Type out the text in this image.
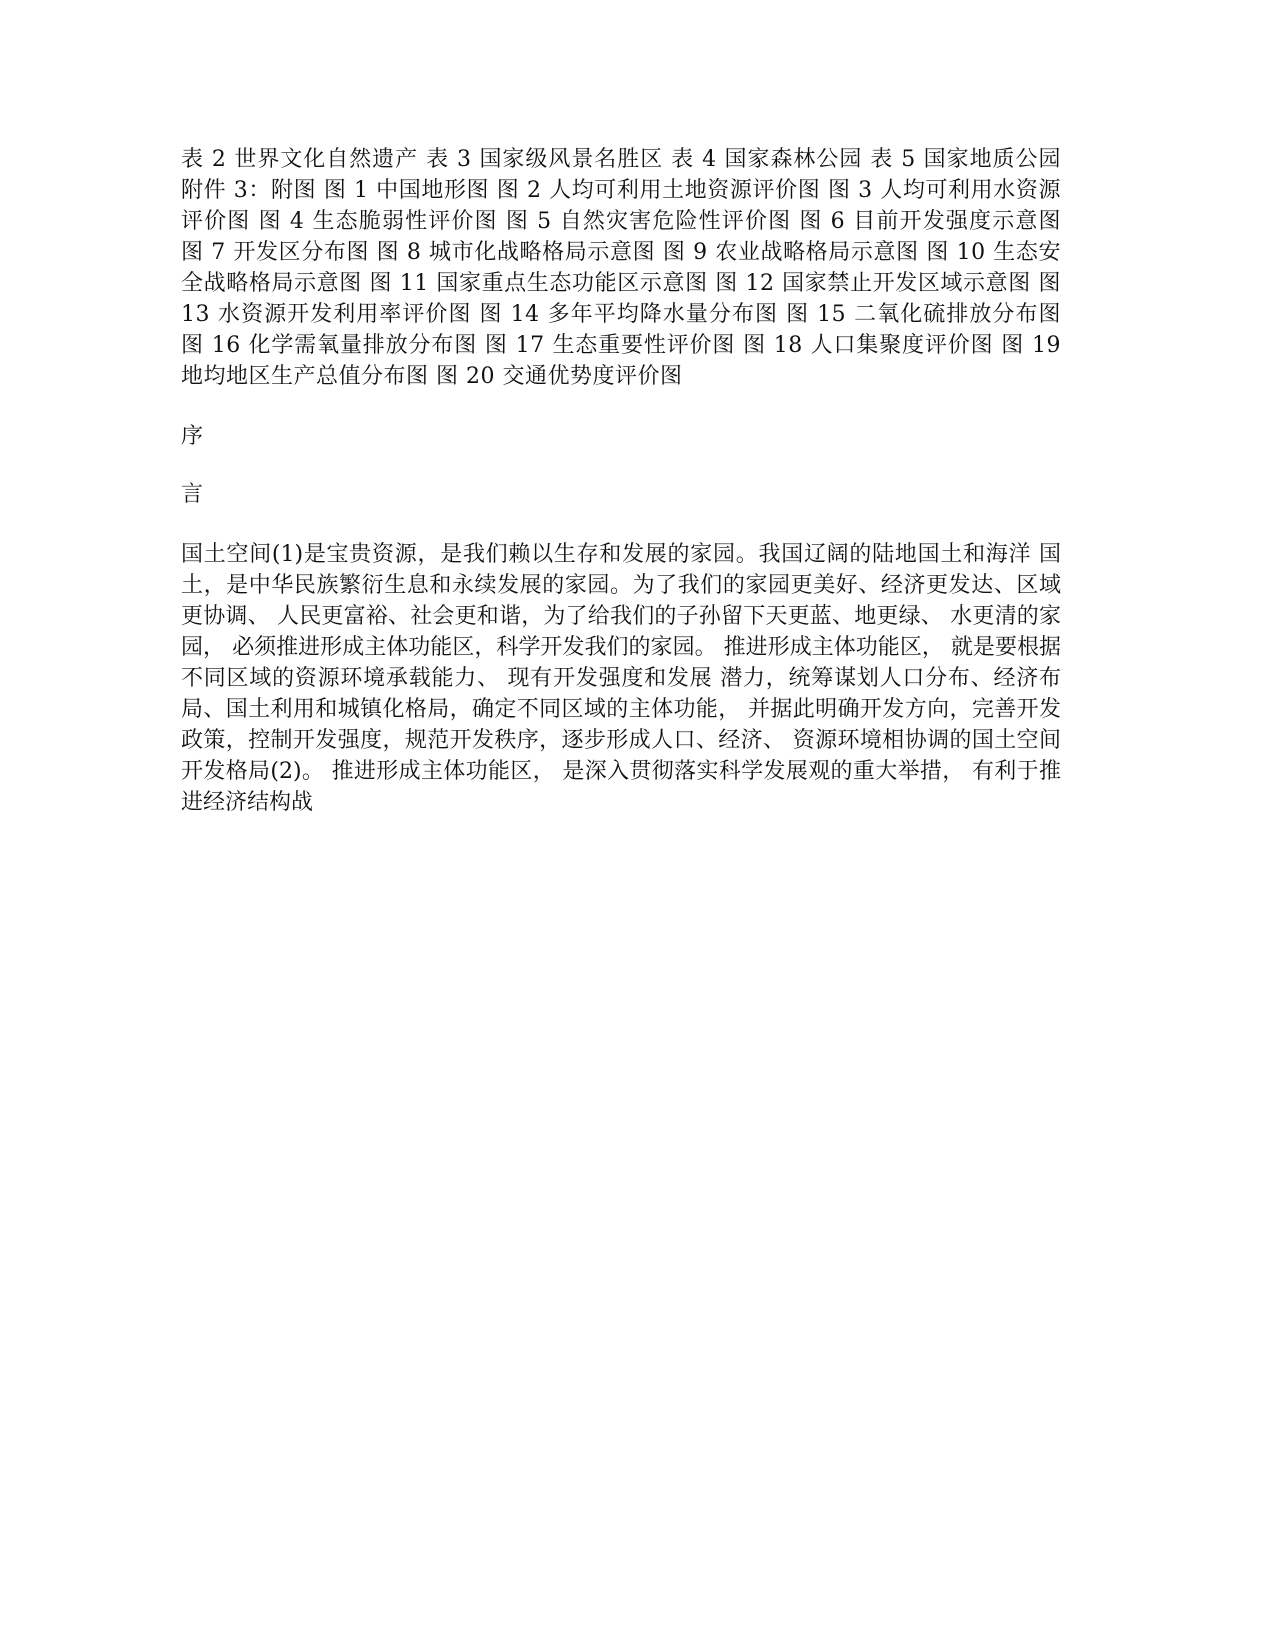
表 2 世界文化自然遗产 表 3 国家级风景名胜区 表 4 国家森林公园 表 5 国家地质公园 附件 3：附图 图 1 中国地形图 图 2 人均可利用土地资源评价图 图 3 人均可利用水资源评价图 图 4 生态脆弱性评价图 图 5 自然灾害危险性评价图 图 6 目前开发强度示意图 图 7 开发区分布图 图 8 城市化战略格局示意图 图 9 农业战略格局示意图 图 10 生态安全战略格局示意图 图 11 国家重点生态功能区示意图 图 12 国家禁止开发区域示意图 图 13 水资源开发利用率评价图 图 14 多年平均降水量分布图 图 15 二氧化硫排放分布图 图 16 化学需氧量排放分布图 图 17 生态重要性评价图 图 18 人口集聚度评价图 图 19 地均地区生产总值分布图 图 20 交通优势度评价图

序

言

国土空间(1)是宝贵资源，是我们赖以生存和发展的家园。我国辽阔的陆地国土和海洋 国土，是中华民族繁衍生息和永续发展的家园。为了我们的家园更美好、经济更发达、区域 更协调、 人民更富裕、社会更和谐，为了给我们的子孙留下天更蓝、地更绿、 水更清的家园， 必须推进形成主体功能区，科学开发我们的家园。 推进形成主体功能区， 就是要根据不同区域的资源环境承载能力、 现有开发强度和发展 潜力，统筹谋划人口分布、经济布局、国土利用和城镇化格局，确定不同区域的主体功能， 并据此明确开发方向，完善开发政策，控制开发强度，规范开发秩序，逐步形成人口、经济、 资源环境相协调的国土空间开发格局(2)。 推进形成主体功能区， 是深入贯彻落实科学发展观的重大举措， 有利于推进经济结构战
